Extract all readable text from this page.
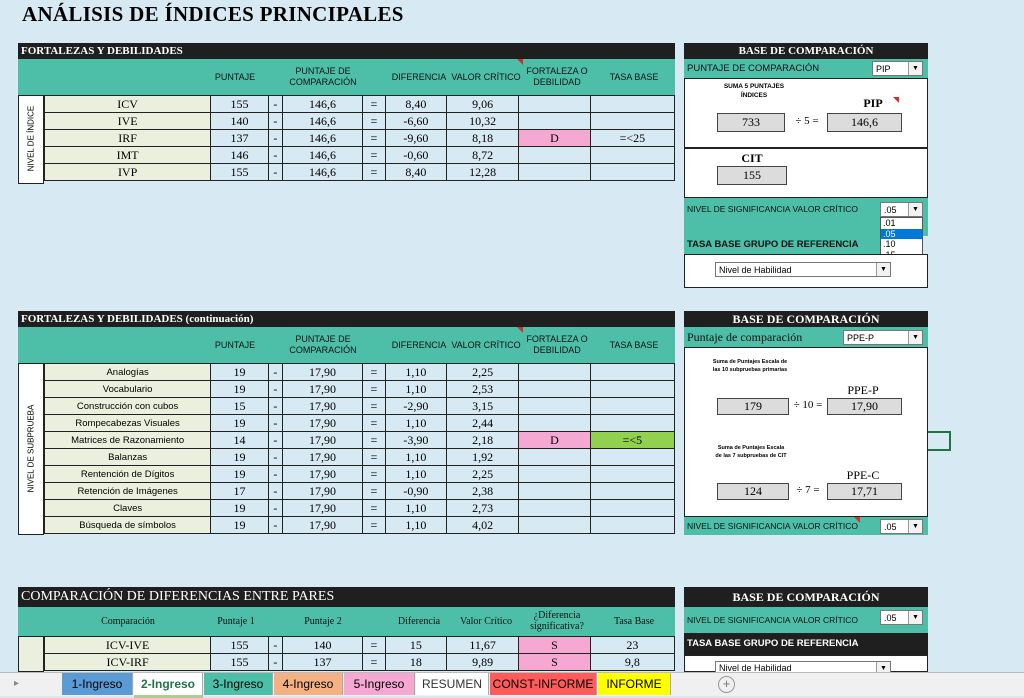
ANÁLISIS DE ÍNDICES PRINCIPALES
FORTALEZAS Y DEBILIDADES
PUNTAJE
PUNTAJE DE COMPARACIÓN	DIFERENCIA VALOR CRÍTICO
FORTALEZA O DEBILIDAD	TASA BASE
NIVEL DE ÍNDICE
ICV	155	-	146,6	=	8,40	9,06		
IVE	140	-	146,6	=	-6,60	10,32		
IRF	137	-	146,6	=	-9,60	8,18	D	=<25
IMT	146	-	146,6	=	-0,60	8,72		
IVP	155	-	146,6	=	8,40	12,28		
BASE DE COMPARACIÓN
PUNTAJE DE COMPARACIÓN	PIP	▼
SUMA 5 PUNTAJES ÍNDICES
PIP
733	÷ 5 =	146,6
CIT
155
NIVEL DE SIGNIFICANCIA VALOR CRÍTICO	.05	▼
.01
.05
.10
TASA BASE GRUPO DE REFERENCIA
Nivel de Habilidad	▼
FORTALEZAS Y DEBILIDADES (continuación)
PUNTAJE
PUNTAJE DE COMPARACIÓN	DIFERENCIA VALOR CRÍTICO
FORTALEZA O DEBILIDAD	TASA BASE
NIVEL DE SUBPRUEBA
Analogías	19	-	17,90	=	1,10	2,25		
Vocabulario	19	-	17,90	=	1,10	2,53		
Construcción con cubos	15	-	17,90	=	-2,90	3,15		
Rompecabezas Visuales	19	-	17,90	=	1,10	2,44		
Matrices de Razonamiento	14	-	17,90	=	-3,90	2,18	D	=<5
Balanzas	19	-	17,90	=	1,10	1,92		
Rentención de Dígitos	19	-	17,90	=	1,10	2,25		
Retención de Imágenes	17	-	17,90	=	-0,90	2,38		
Claves	19	-	17,90	=	1,10	2,73		
Búsqueda de símbolos	19	-	17,90	=	1,10	4,02		
BASE DE COMPARACIÓN
Puntaje de comparación	PPE-P	▼
Suma de Puntajes Escala de las 10 subpruebas primarias
PPE-P
179	÷ 10 =	17,90
Suma de Puntajes Escala de las 7 subpruebas de CIT
PPE-C
124	÷ 7 =	17,71
NIVEL DE SIGNIFICANCIA VALOR CRÍTICO	.05	▼
COMPARACIÓN DE DIFERENCIAS ENTRE PARES
Comparación	Puntaje 1	Puntaje 2	Diferencia	Valor Crítico
¿Diferencia significativa?	Tasa Base
ICV-IVE	155	-	140	=	15	11,67	S	23
ICV-IRF	155	-	137	=	18	9,89	S	9,8
BASE DE COMPARACIÓN
NIVEL DE SIGNIFICANCIA VALOR CRÍTICO	.05	▼
TASA BASE GRUPO DE REFERENCIA
Nivel de Habilidad	▼
▸	1-Ingreso	2-Ingreso	3-Ingreso	4-Ingreso	5-Ingreso	RESUMEN CONST-INFORME	INFORME	+
